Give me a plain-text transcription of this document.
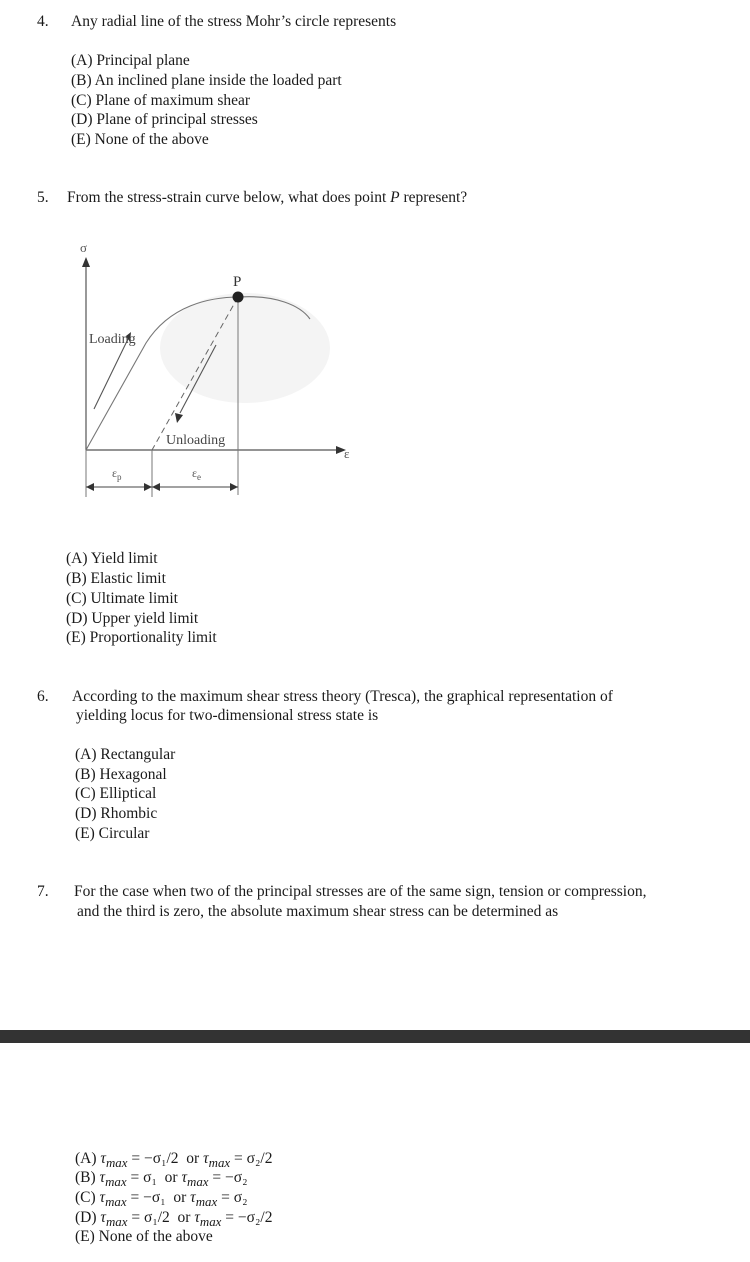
4. Any radial line of the stress Mohr’s circle represents
(A) Principal plane
(B) An inclined plane inside the loaded part
(C) Plane of maximum shear
(D) Plane of principal stresses
(E) None of the above
5. From the stress-strain curve below, what does point P represent?
σ
ε
P
Loading
Unloading
$\varepsilon_p$	$\varepsilon_e$
(A) Yield limit
(B) Elastic limit
(C) Ultimate limit
(D) Upper yield limit
(E) Proportionality limit
6. According to the maximum shear stress theory (Tresca), the graphical representation of
yielding locus for two-dimensional stress state is
(A) Rectangular
(B) Hexagonal
(C) Elliptical
(D) Rhombic
(E) Circular
7. For the case when two of the principal stresses are of the same sign, tension or compression,
and the third is zero, the absolute maximum shear stress can be determined as
(A) $\tau_{max} = -\sigma_1/2$ or $\tau_{max} = \sigma_2/2$
(B) $\tau_{max} = \sigma_1$ or $\tau_{max} = -\sigma_2$
(C) $\tau_{max} = -\sigma_1$ or $\tau_{max} = \sigma_2$
(D) $\tau_{max} = \sigma_1/2$ or $\tau_{max} = -\sigma_2/2$
(E) None of the above
